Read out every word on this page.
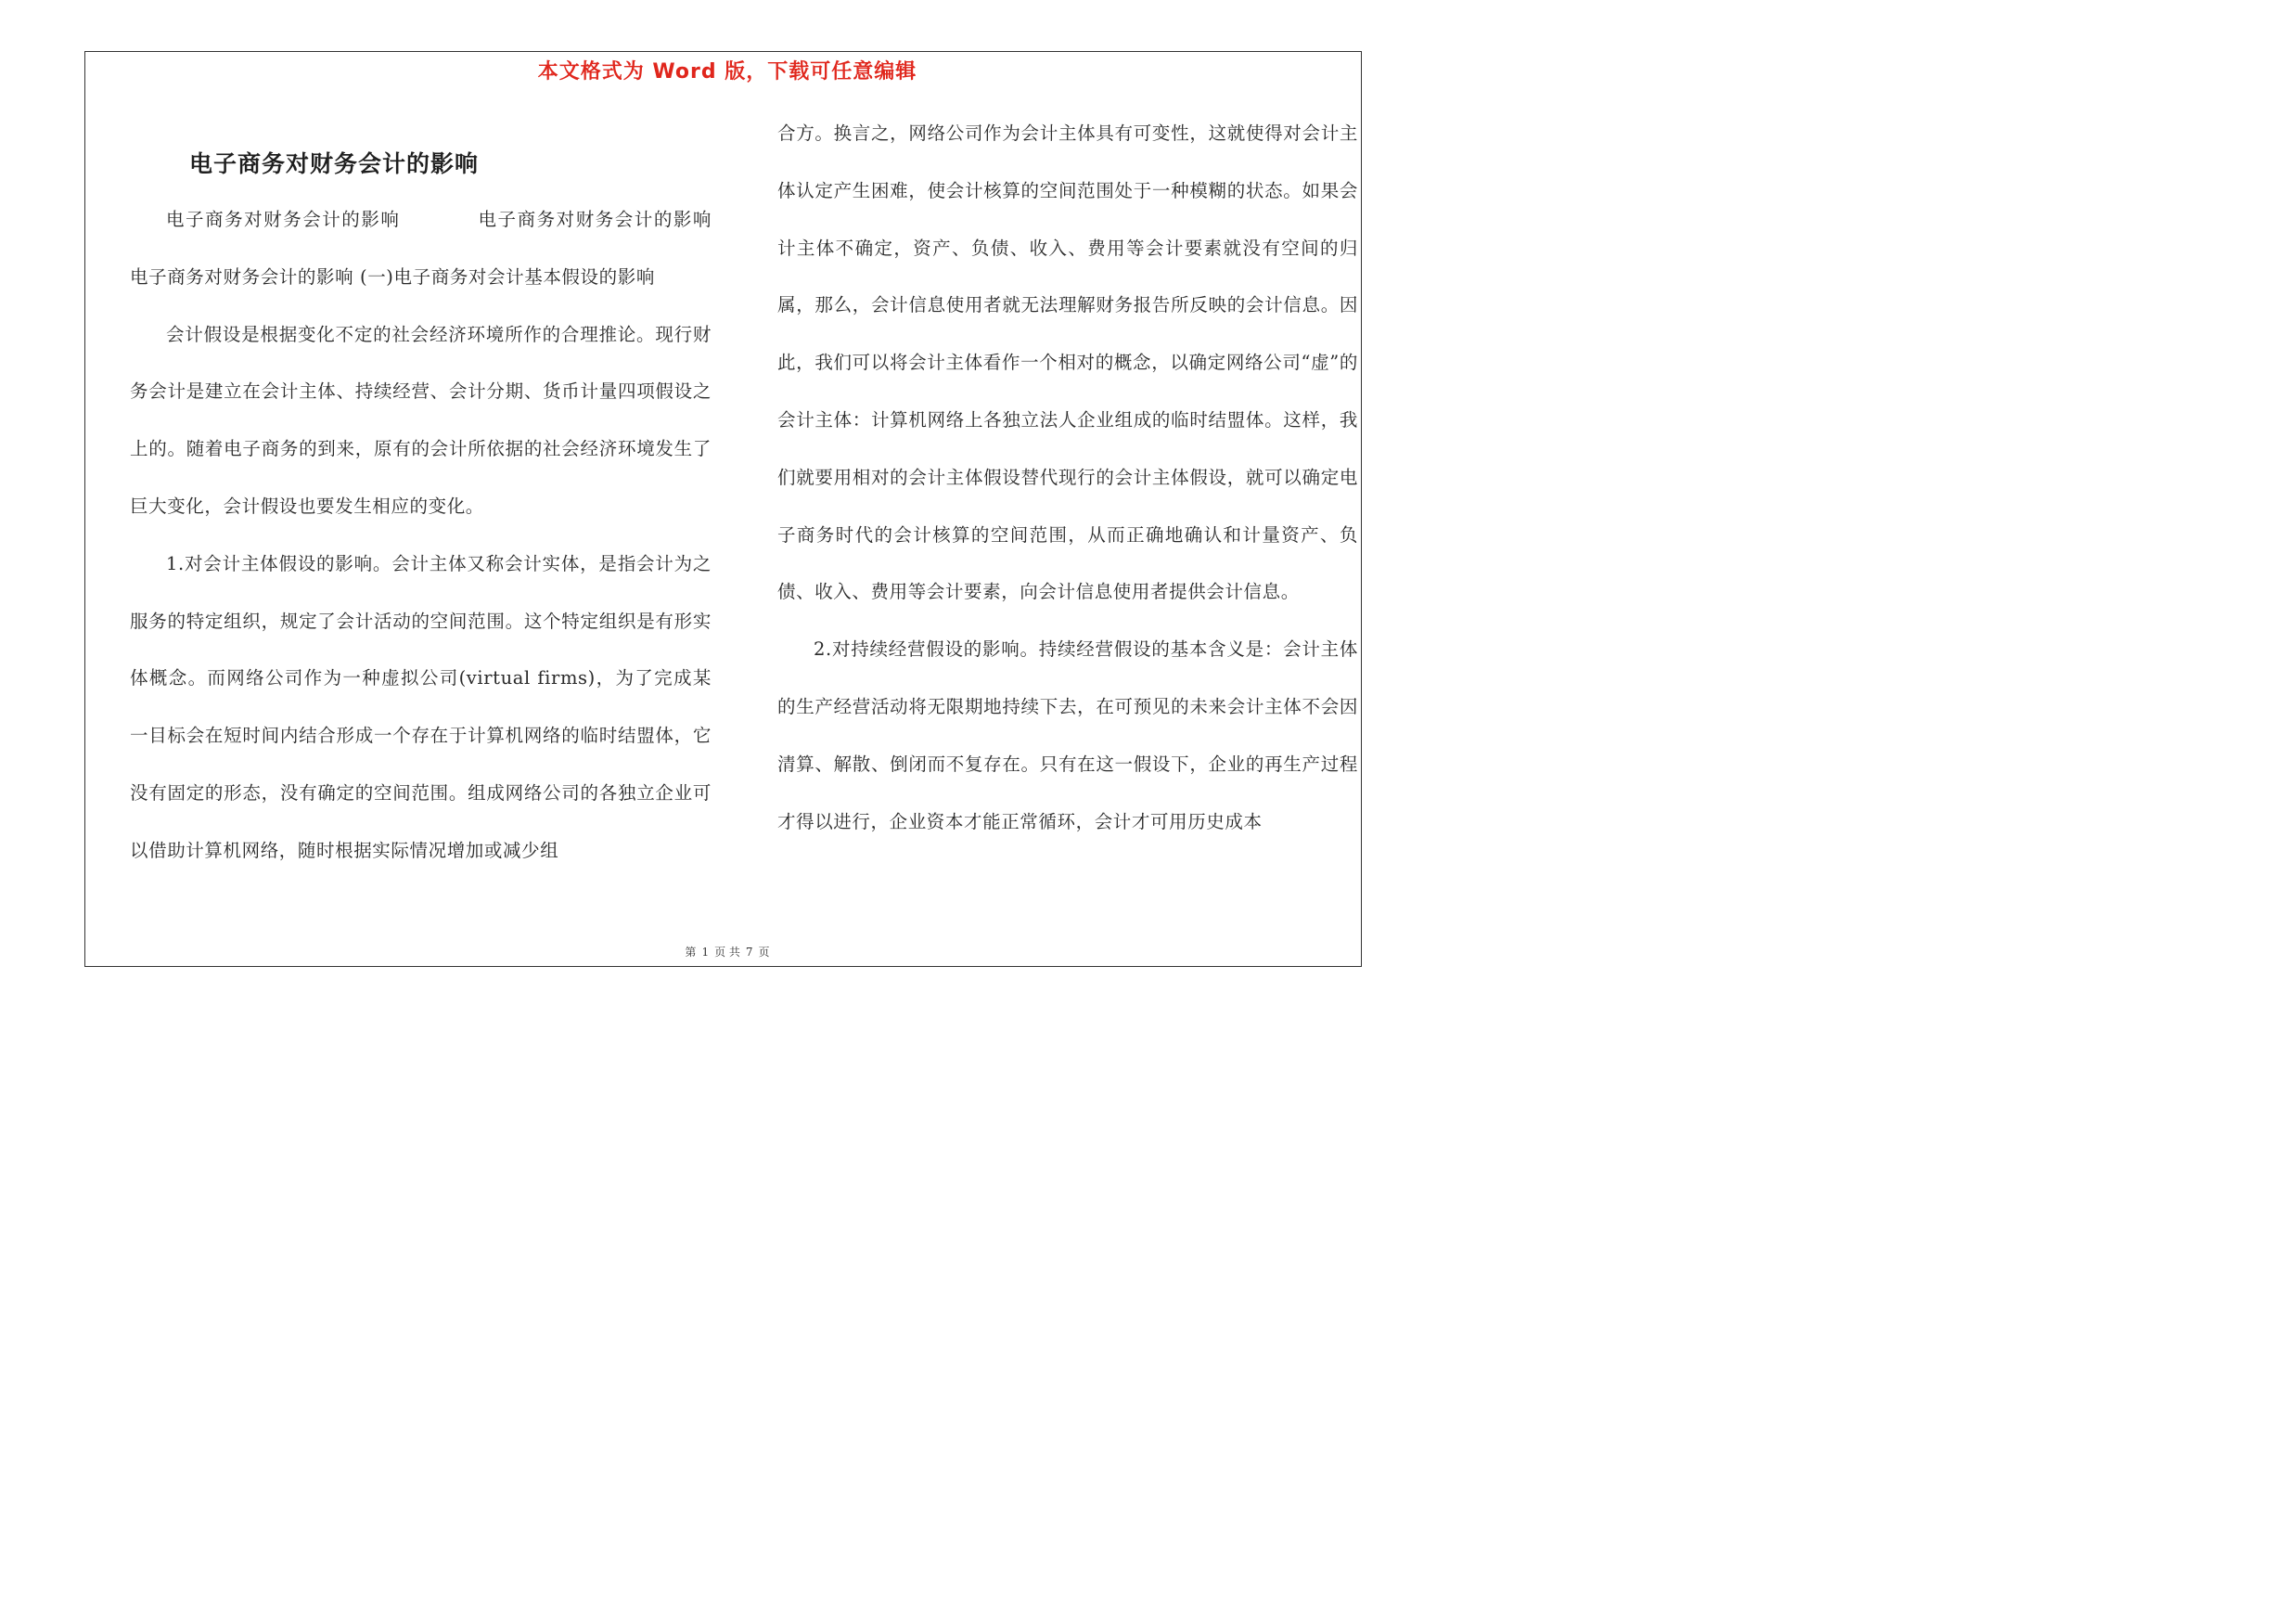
本文格式为 Word 版，下载可任意编辑
电子商务对财务会计的影响

电子商务对财务会计的影响　　　　电子商务对财务会计的影响　　　　电子商务对财务会计的影响 (一)电子商务对会计基本假设的影响

会计假设是根据变化不定的社会经济环境所作的合理推论。现行财务会计是建立在会计主体、持续经营、会计分期、货币计量四项假设之上的。随着电子商务的到来，原有的会计所依据的社会经济环境发生了巨大变化，会计假设也要发生相应的变化。

1.对会计主体假设的影响。会计主体又称会计实体，是指会计为之服务的特定组织，规定了会计活动的空间范围。这个特定组织是有形实体概念。而网络公司作为一种虚拟公司(virtual firms)，为了完成某一目标会在短时间内结合形成一个存在于计算机网络的临时结盟体，它没有固定的形态，没有确定的空间范围。组成网络公司的各独立企业可以借助计算机网络，随时根据实际情况增加或减少组

合方。换言之，网络公司作为会计主体具有可变性，这就使得对会计主体认定产生困难，使会计核算的空间范围处于一种模糊的状态。如果会计主体不确定，资产、负债、收入、费用等会计要素就没有空间的归属，那么，会计信息使用者就无法理解财务报告所反映的会计信息。因此，我们可以将会计主体看作一个相对的概念，以确定网络公司“虚”的会计主体：计算机网络上各独立法人企业组成的临时结盟体。这样，我们就要用相对的会计主体假设替代现行的会计主体假设，就可以确定电子商务时代的会计核算的空间范围，从而正确地确认和计量资产、负债、收入、费用等会计要素，向会计信息使用者提供会计信息。

2.对持续经营假设的影响。持续经营假设的基本含义是：会计主体的生产经营活动将无限期地持续下去，在可预见的未来会计主体不会因清算、解散、倒闭而不复存在。只有在这一假设下，企业的再生产过程才得以进行，企业资本才能正常循环，会计才可用历史成本

第 1 页 共 7 页
